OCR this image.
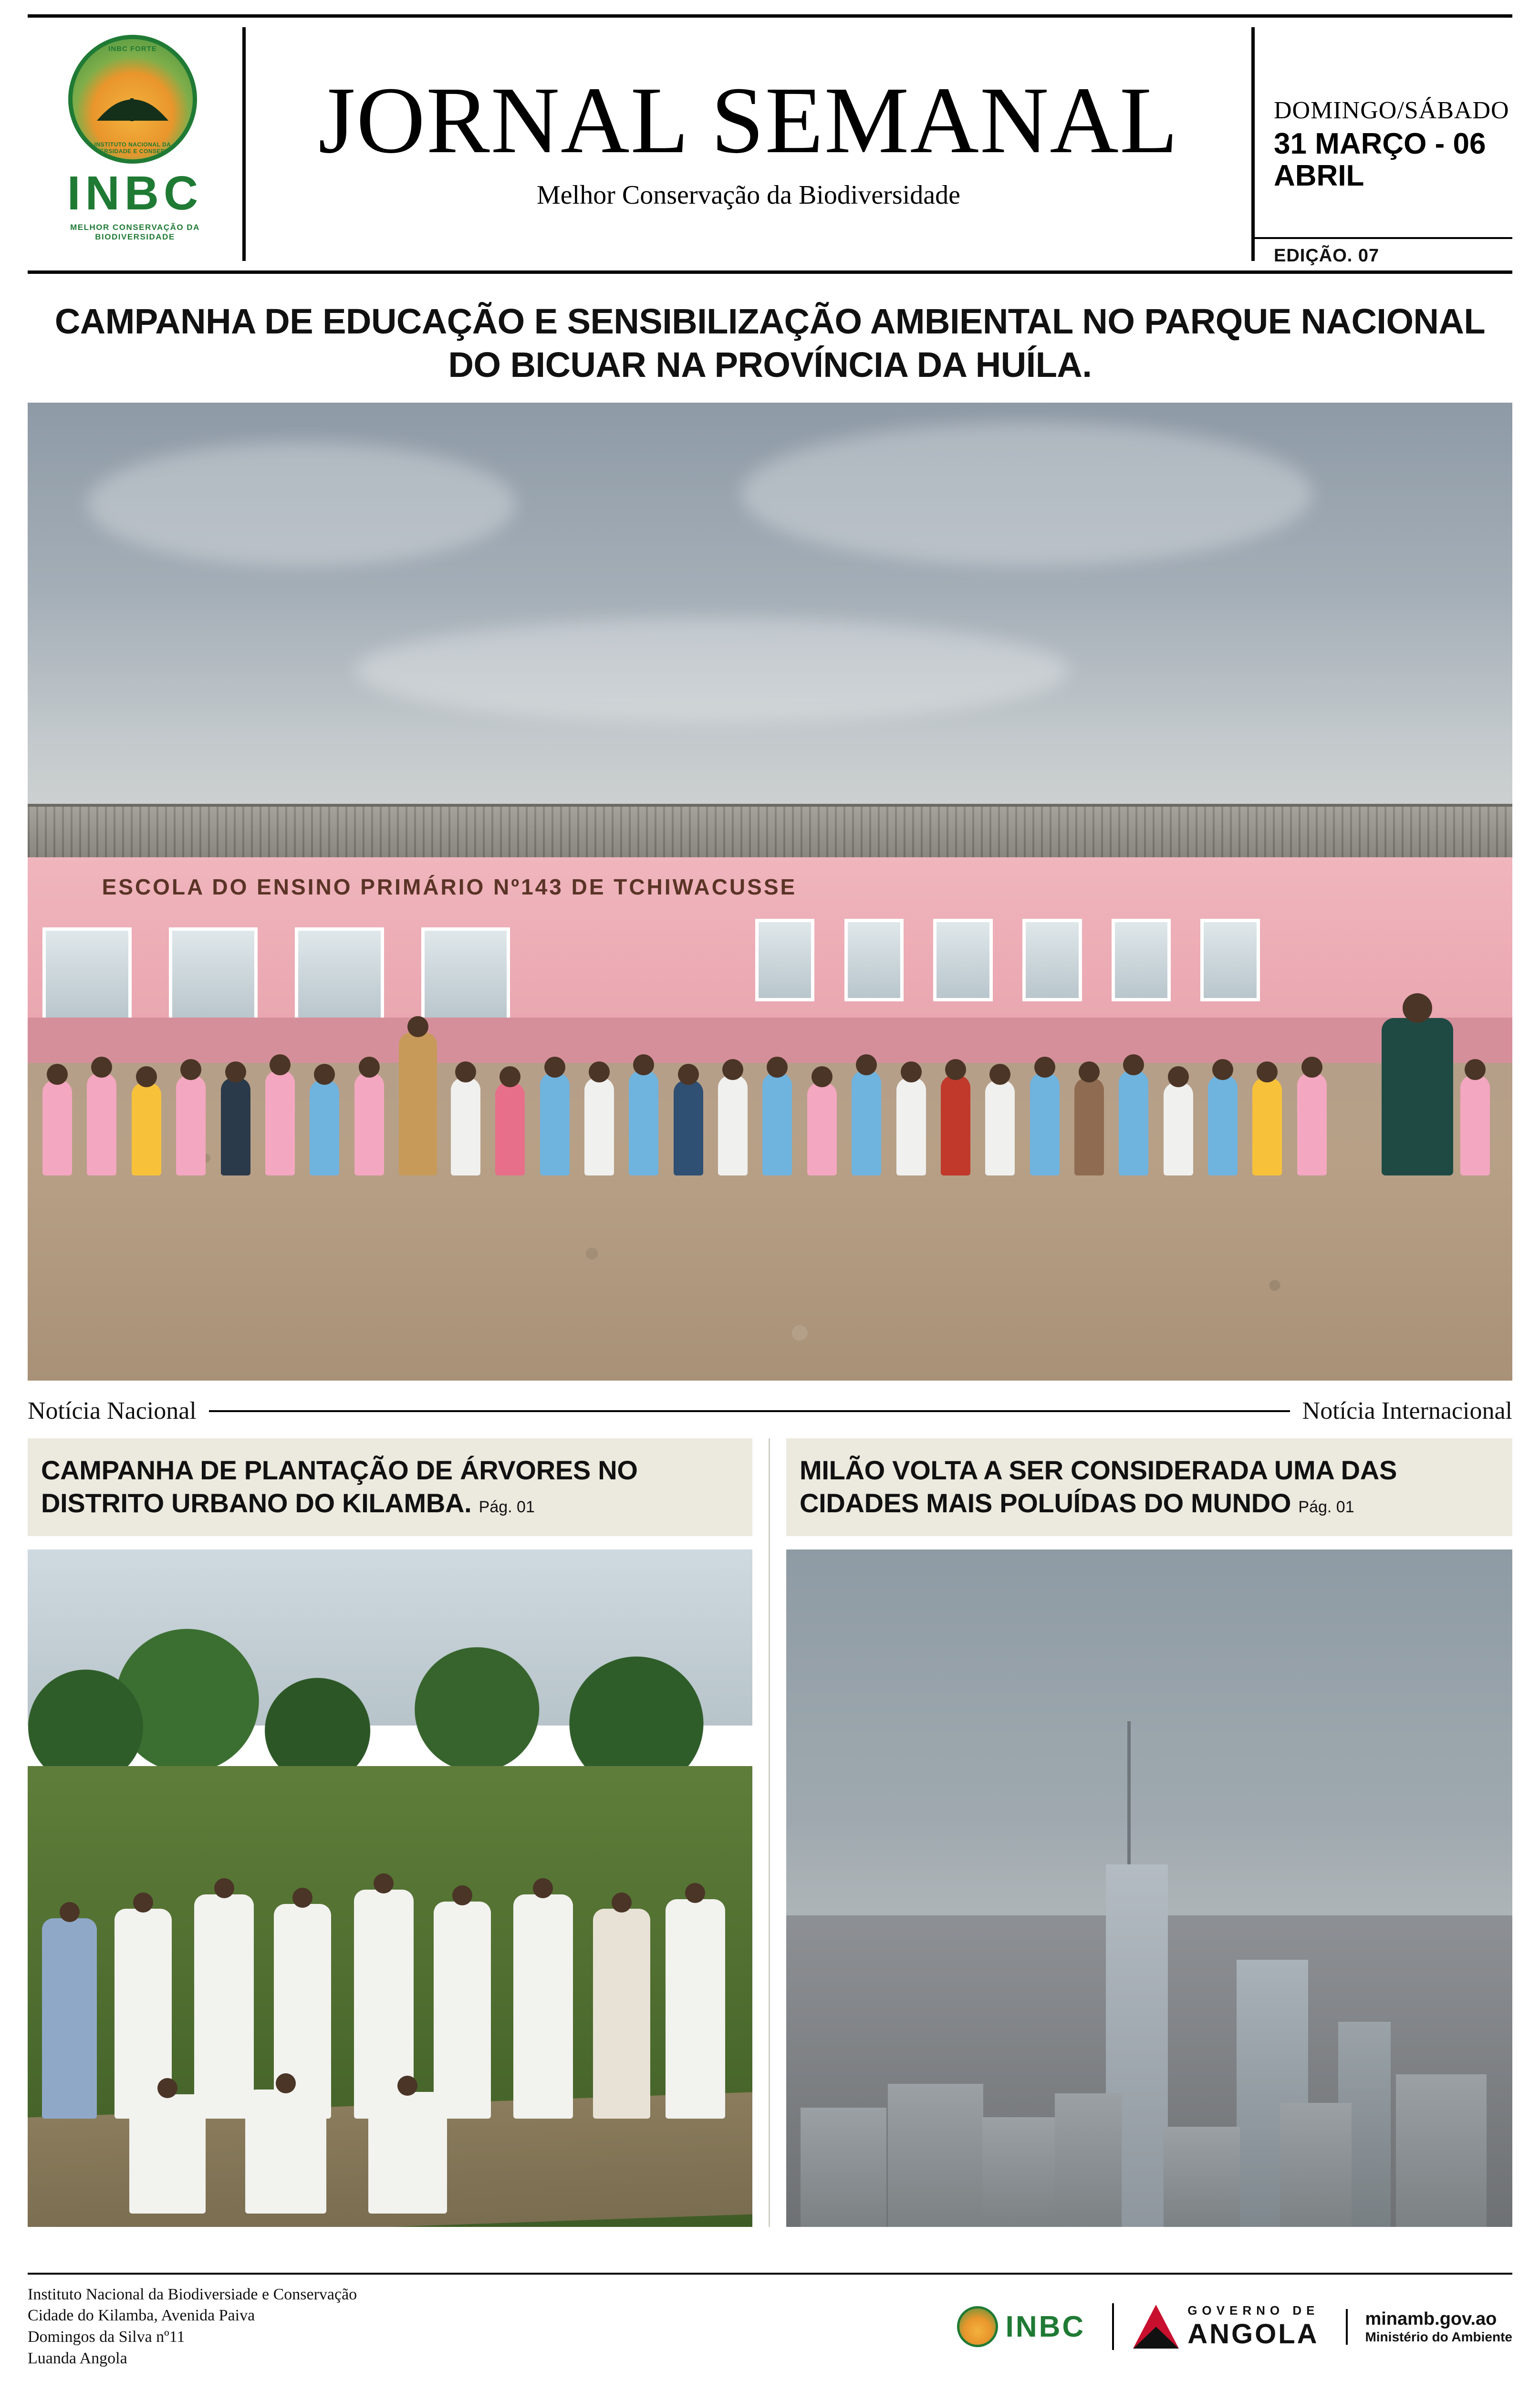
INBC FORTE
INSTITUTO NACIONAL DA BIODIVERSIDADE E CONSERVAÇÃO
INBC
MELHOR CONSERVAÇÃO DA BIODIVERSIDADE
JORNAL SEMANAL
Melhor Conservação da Biodiversidade
DOMINGO/SÁBADO
31 MARÇO - 06 ABRIL
EDIÇÃO. 07
CAMPANHA DE EDUCAÇÃO E SENSIBILIZAÇÃO AMBIENTAL NO PARQUE NACIONAL DO BICUAR NA PROVÍNCIA DA HUÍLA.
ESCOLA DO ENSINO PRIMÁRIO Nº143 DE TCHIWACUSSE
Notícia Nacional	Notícia Internacional
CAMPANHA DE PLANTAÇÃO DE ÁRVORES NO DISTRITO URBANO DO KILAMBA. Pág. 01
MILÃO VOLTA A SER CONSIDERADA UMA DAS CIDADES MAIS POLUÍDAS DO MUNDO Pág. 01
Instituto Nacional da Biodiversiade e Conservação
Cidade do Kilamba, Avenida Paiva
Domingos da Silva nº11
Luanda Angola
INBC	GOVERNO DE
ANGOLA	minamb.gov.ao
Ministério do Ambiente
